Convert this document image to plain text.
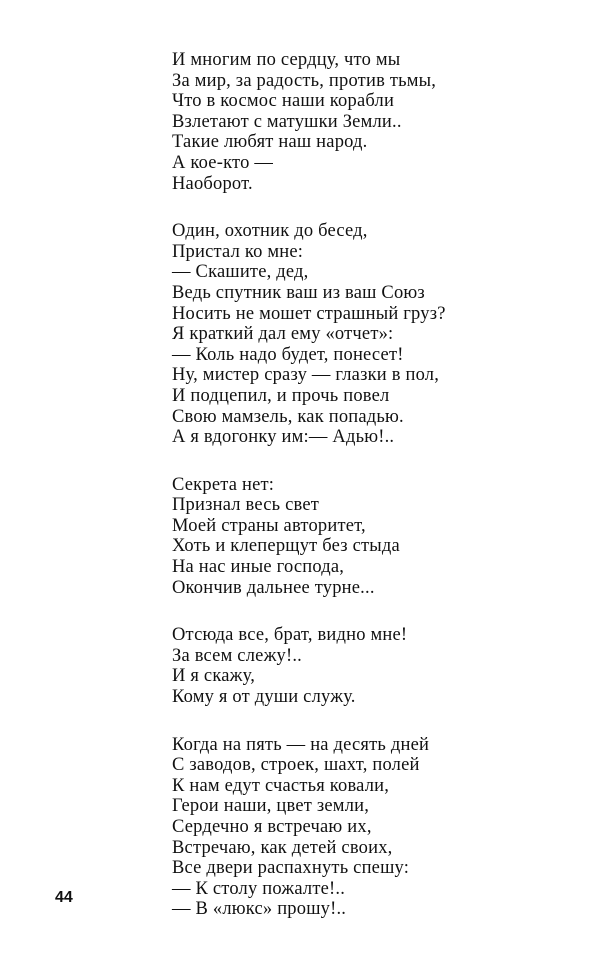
И многим по сердцу, что мы
За мир, за радость, против тьмы,
Что в космос наши корабли
Взлетают с матушки Земли..
Такие любят наш народ.
А кое-кто —
Наоборот.
Один, охотник до бесед,
Пристал ко мне:
— Скашите, дед,
Ведь спутник ваш из ваш Союз
Носить не мошет страшный груз?
Я краткий дал ему «отчет»:
— Коль надо будет, понесет!
Ну, мистер сразу — глазки в пол,
И подцепил, и прочь повел
Свою мамзель, как попадью.
А я вдогонку им:— Адью!..
Секрета нет:
Признал весь свет
Моей страны авторитет,
Хоть и клеперщут без стыда
На нас иные господа,
Окончив дальнее турне...
Отсюда все, брат, видно мне!
За всем слежу!..
И я скажу,
Кому я от души служу.
Когда на пять — на десять дней
С заводов, строек, шахт, полей
К нам едут счастья ковали,
Герои наши, цвет земли,
Сердечно я встречаю их,
Встречаю, как детей своих,
Все двери распахнуть спешу:
— К столу пожалте!..
— В «люкс» прошу!..
44
